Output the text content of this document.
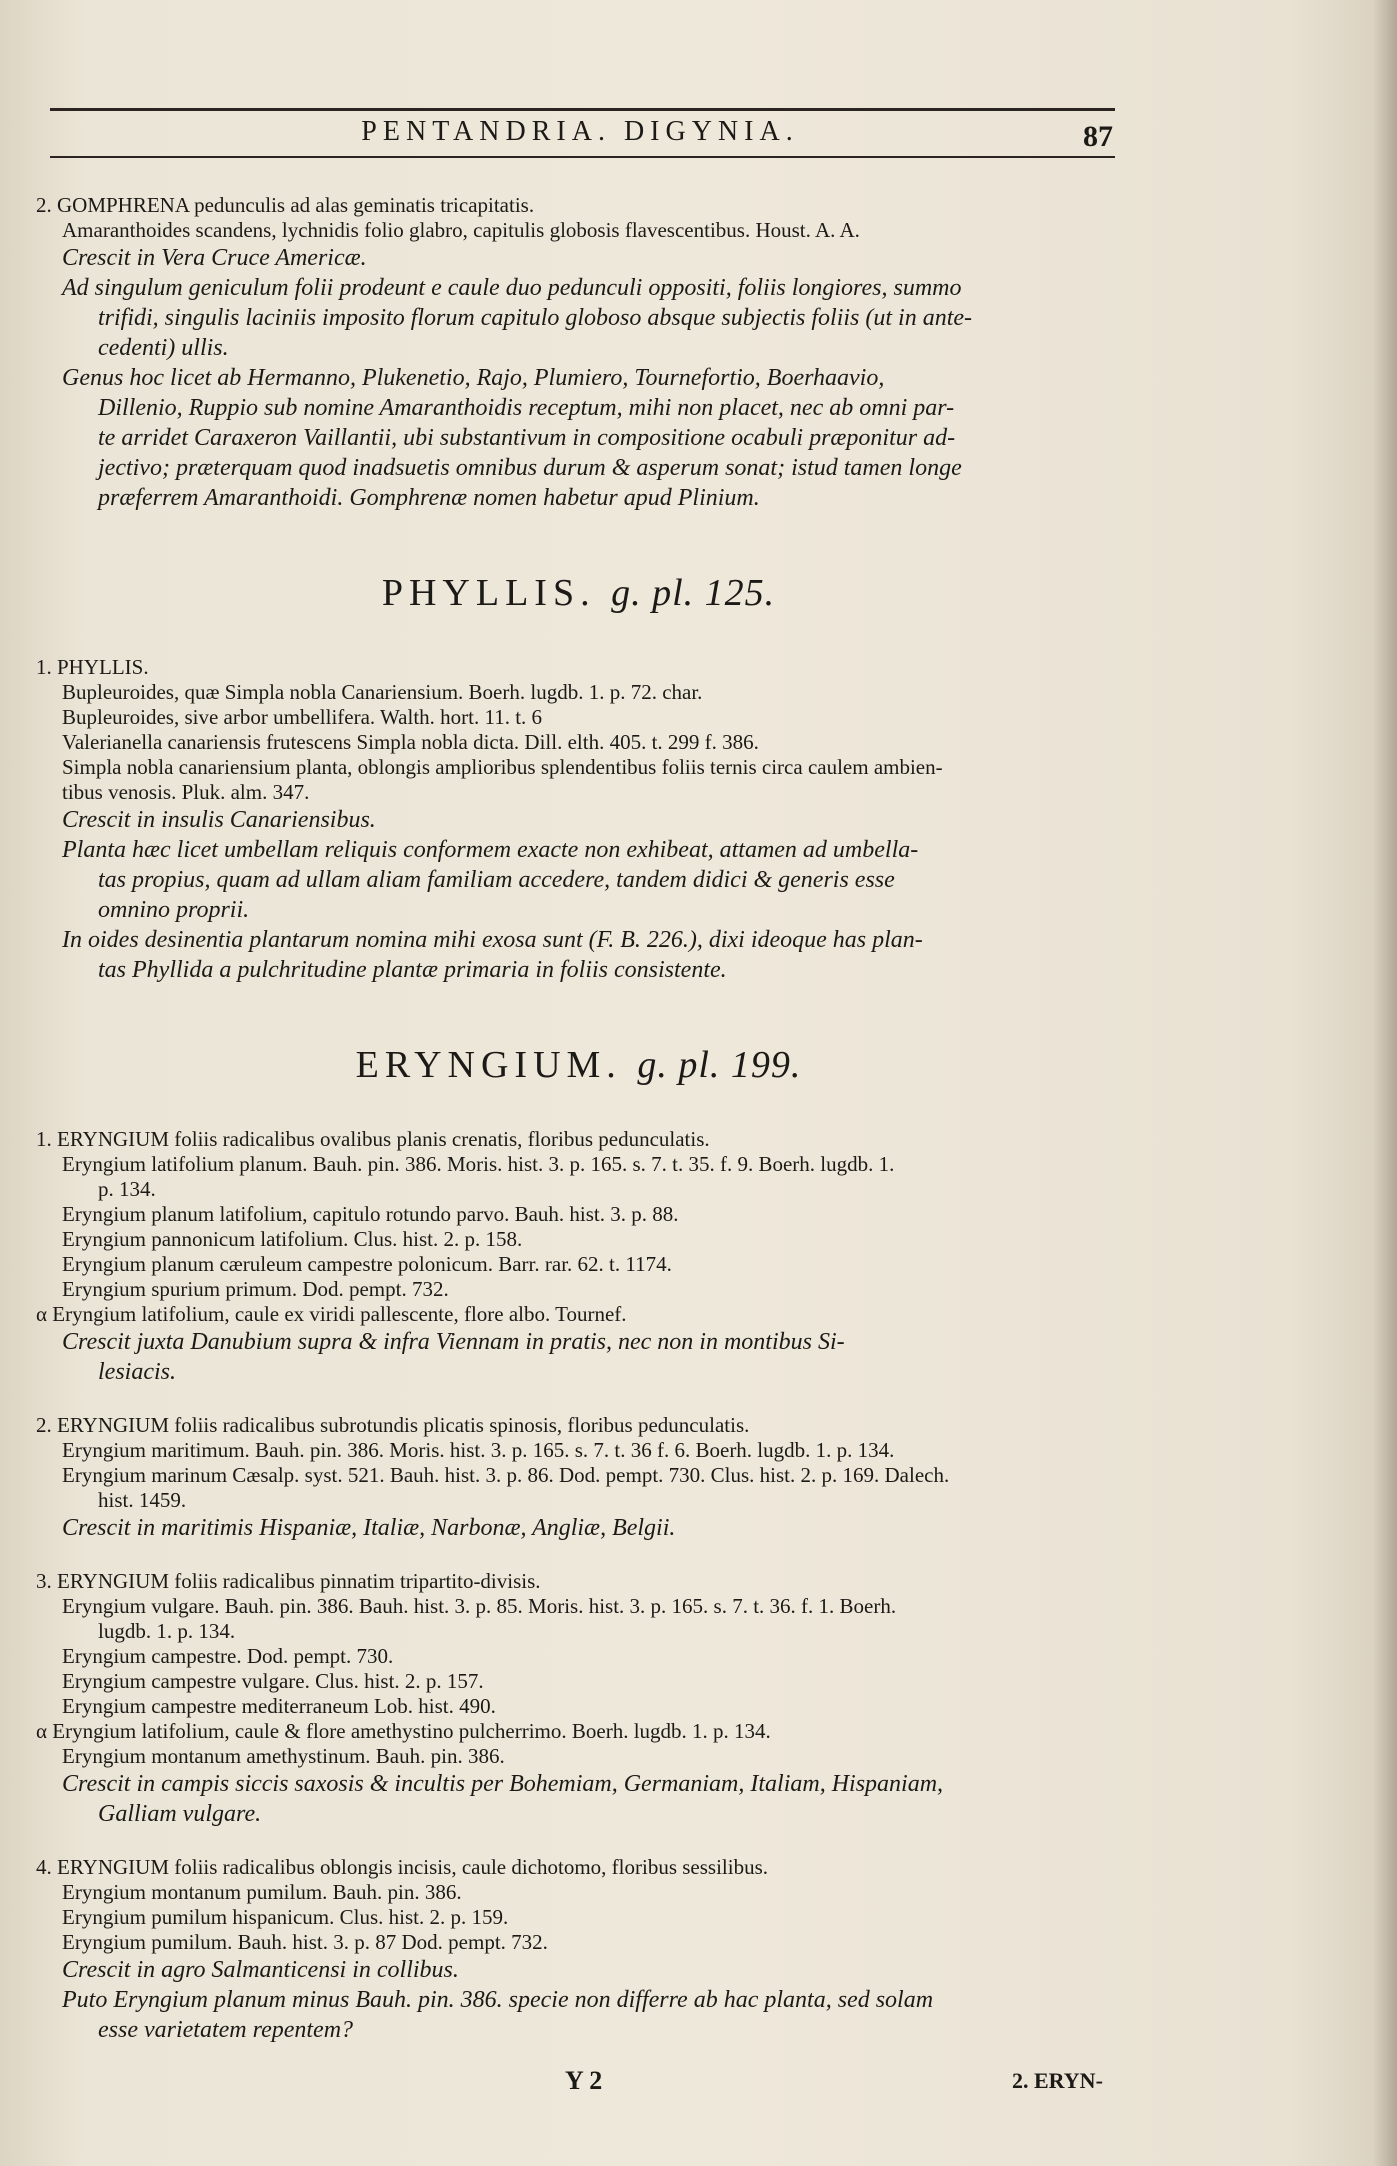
PENTANDRIA. DIGYNIA.	87
2. GOMPHRENA pedunculis ad alas geminatis tricapitatis.
Amaranthoides scandens, lychnidis folio glabro, capitulis globosis flavescentibus. Houst. A. A.
Crescit in Vera Cruce Americæ.
Ad singulum geniculum folii prodeunt e caule duo pedunculi oppositi, foliis longiores, summo
trifidi, singulis laciniis imposito florum capitulo globoso absque subjectis foliis (ut in ante-
cedenti) ullis.
Genus hoc licet ab Hermanno, Plukenetio, Rajo, Plumiero, Tournefortio, Boerhaavio,
Dillenio, Ruppio sub nomine Amaranthoidis receptum, mihi non placet, nec ab omni par-
te arridet Caraxeron Vaillantii, ubi substantivum in compositione ocabuli præponitur ad-
jectivo; præterquam quod inadsuetis omnibus durum & asperum sonat; istud tamen longe
præferrem Amaranthoidi. Gomphrenæ nomen habetur apud Plinium.
PHYLLIS. g. pl. 125.
1. PHYLLIS.
Bupleuroides, quæ Simpla nobla Canariensium. Boerh. lugdb. 1. p. 72. char.
Bupleuroides, sive arbor umbellifera. Walth. hort. 11. t. 6
Valerianella canariensis frutescens Simpla nobla dicta. Dill. elth. 405. t. 299 f. 386.
Simpla nobla canariensium planta, oblongis amplioribus splendentibus foliis ternis circa caulem ambien-
tibus venosis. Pluk. alm. 347.
Crescit in insulis Canariensibus.
Planta hæc licet umbellam reliquis conformem exacte non exhibeat, attamen ad umbella-
tas propius, quam ad ullam aliam familiam accedere, tandem didici & generis esse
omnino proprii.
In oides desinentia plantarum nomina mihi exosa sunt (F. B. 226.), dixi ideoque has plan-
tas Phyllida a pulchritudine plantæ primaria in foliis consistente.
ERYNGIUM. g. pl. 199.
1. ERYNGIUM foliis radicalibus ovalibus planis crenatis, floribus pedunculatis.
Eryngium latifolium planum. Bauh. pin. 386. Moris. hist. 3. p. 165. s. 7. t. 35. f. 9. Boerh. lugdb. 1.
p. 134.
Eryngium planum latifolium, capitulo rotundo parvo. Bauh. hist. 3. p. 88.
Eryngium pannonicum latifolium. Clus. hist. 2. p. 158.
Eryngium planum cæruleum campestre polonicum. Barr. rar. 62. t. 1174.
Eryngium spurium primum. Dod. pempt. 732.
α Eryngium latifolium, caule ex viridi pallescente, flore albo. Tournef.
Crescit juxta Danubium supra & infra Viennam in pratis, nec non in montibus Si-
lesiacis.
2. ERYNGIUM foliis radicalibus subrotundis plicatis spinosis, floribus pedunculatis.
Eryngium maritimum. Bauh. pin. 386. Moris. hist. 3. p. 165. s. 7. t. 36 f. 6. Boerh. lugdb. 1. p. 134.
Eryngium marinum Cæsalp. syst. 521. Bauh. hist. 3. p. 86. Dod. pempt. 730. Clus. hist. 2. p. 169. Dalech.
hist. 1459.
Crescit in maritimis Hispaniæ, Italiæ, Narbonæ, Angliæ, Belgii.
3. ERYNGIUM foliis radicalibus pinnatim tripartito-divisis.
Eryngium vulgare. Bauh. pin. 386. Bauh. hist. 3. p. 85. Moris. hist. 3. p. 165. s. 7. t. 36. f. 1. Boerh.
lugdb. 1. p. 134.
Eryngium campestre. Dod. pempt. 730.
Eryngium campestre vulgare. Clus. hist. 2. p. 157.
Eryngium campestre mediterraneum Lob. hist. 490.
α Eryngium latifolium, caule & flore amethystino pulcherrimo. Boerh. lugdb. 1. p. 134.
Eryngium montanum amethystinum. Bauh. pin. 386.
Crescit in campis siccis saxosis & incultis per Bohemiam, Germaniam, Italiam, Hispaniam,
Galliam vulgare.
4. ERYNGIUM foliis radicalibus oblongis incisis, caule dichotomo, floribus sessilibus.
Eryngium montanum pumilum. Bauh. pin. 386.
Eryngium pumilum hispanicum. Clus. hist. 2. p. 159.
Eryngium pumilum. Bauh. hist. 3. p. 87 Dod. pempt. 732.
Crescit in agro Salmanticensi in collibus.
Puto Eryngium planum minus Bauh. pin. 386. specie non differre ab hac planta, sed solam
esse varietatem repentem?
Y 2	2. ERYN-
